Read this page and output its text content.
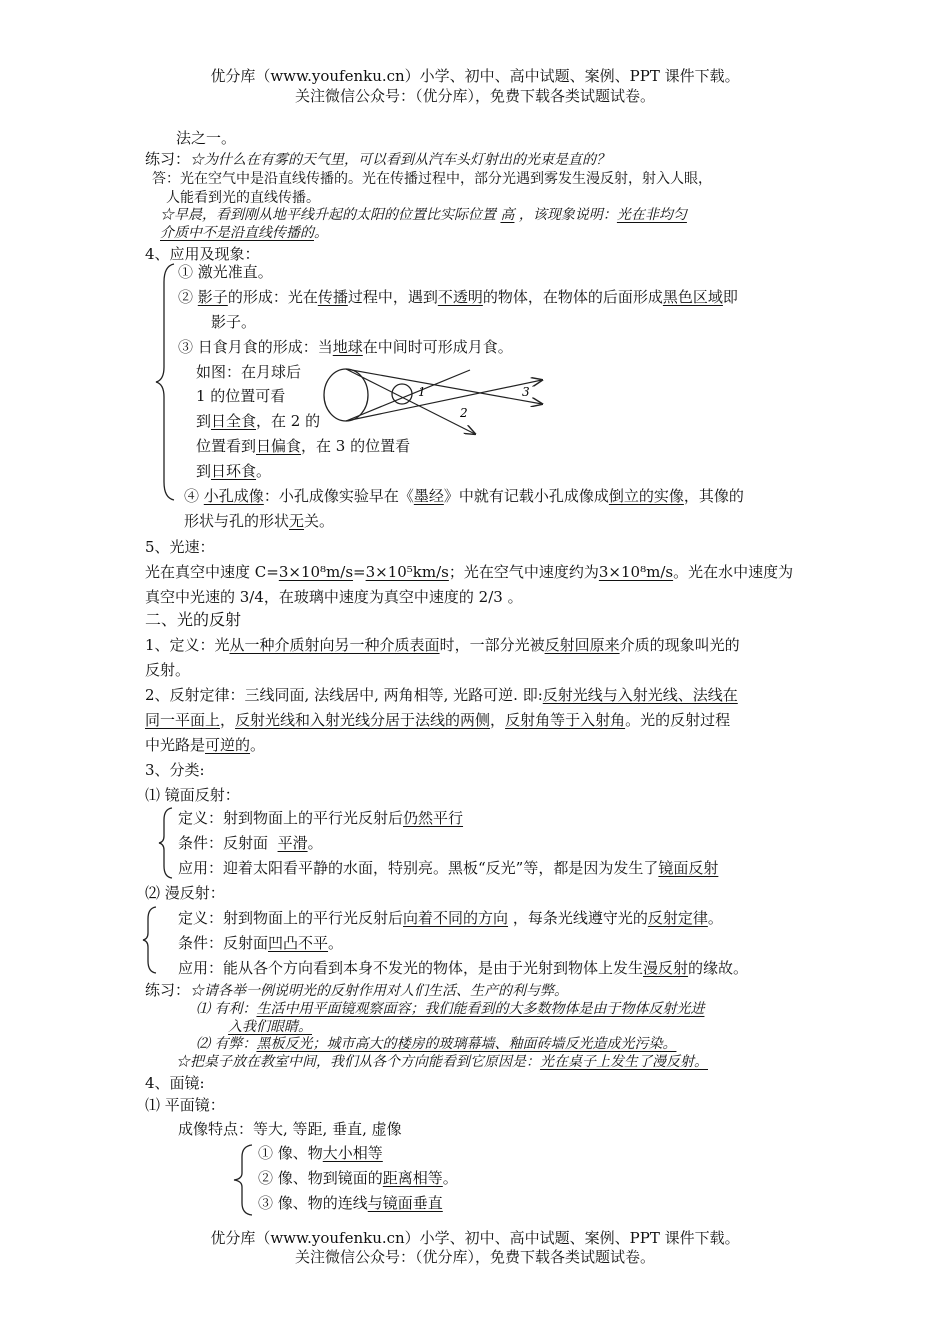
优分库（www.youfenku.cn）小学、初中、高中试题、案例、PPT 课件下载。
关注微信公众号：（优分库），免费下载各类试题试卷。
法之一。
练习：☆为什么在有雾的天气里，可以看到从汽车头灯射出的光束是直的？
答：光在空气中是沿直线传播的。光在传播过程中，部分光遇到雾发生漫反射，射入人眼，
人能看到光的直线传播。
☆早晨，看到刚从地平线升起的太阳的位置比实际位置 高 ，该现象说明：光在非均匀
介质中不是沿直线传播的。
4、应用及现象：
① 激光准直。
② 影子的形成：光在传播过程中，遇到不透明的物体，在物体的后面形成黑色区域即
影子。
③ 日食月食的形成：当地球在中间时可形成月食。
如图：在月球后
1 的位置可看
到日全食，在 2 的
位置看到日偏食，在 3 的位置看
到日环食。
1
2
3
④ 小孔成像：小孔成像实验早在《墨经》中就有记载小孔成像成倒立的实像，其像的
形状与孔的形状无关。
5、光速：
光在真空中速度 C=3×10⁸m/s=3×10⁵km/s；光在空气中速度约为3×10⁸m/s。光在水中速度为
真空中光速的 3/4，在玻璃中速度为真空中速度的 2/3 。
二、光的反射
1、定义：光从一种介质射向另一种介质表面时，一部分光被反射回原来介质的现象叫光的
反射。
2、反射定律：三线同面, 法线居中, 两角相等, 光路可逆. 即:反射光线与入射光线、法线在
同一平面上，反射光线和入射光线分居于法线的两侧，反射角等于入射角。光的反射过程
中光路是可逆的。
3、分类:
⑴ 镜面反射：
定义：射到物面上的平行光反射后仍然平行
条件：反射面 平滑。
应用：迎着太阳看平静的水面，特别亮。黑板“反光”等，都是因为发生了镜面反射
⑵ 漫反射：
定义：射到物面上的平行光反射后向着不同的方向 ，每条光线遵守光的反射定律。
条件：反射面凹凸不平。
应用：能从各个方向看到本身不发光的物体，是由于光射到物体上发生漫反射的缘故。
练习：☆请各举一例说明光的反射作用对人们生活、生产的利与弊。
⑴ 有利：生活中用平面镜观察面容；我们能看到的大多数物体是由于物体反射光进
入我们眼睛。
⑵ 有弊：黑板反光；城市高大的楼房的玻璃幕墙、釉面砖墙反光造成光污染。
☆把桌子放在教室中间，我们从各个方向能看到它原因是：光在桌子上发生了漫反射。
4、面镜:
⑴ 平面镜：
成像特点：等大, 等距, 垂直, 虚像
① 像、物大小相等
② 像、物到镜面的距离相等。
③ 像、物的连线与镜面垂直
优分库（www.youfenku.cn）小学、初中、高中试题、案例、PPT 课件下载。
关注微信公众号：（优分库），免费下载各类试题试卷。
